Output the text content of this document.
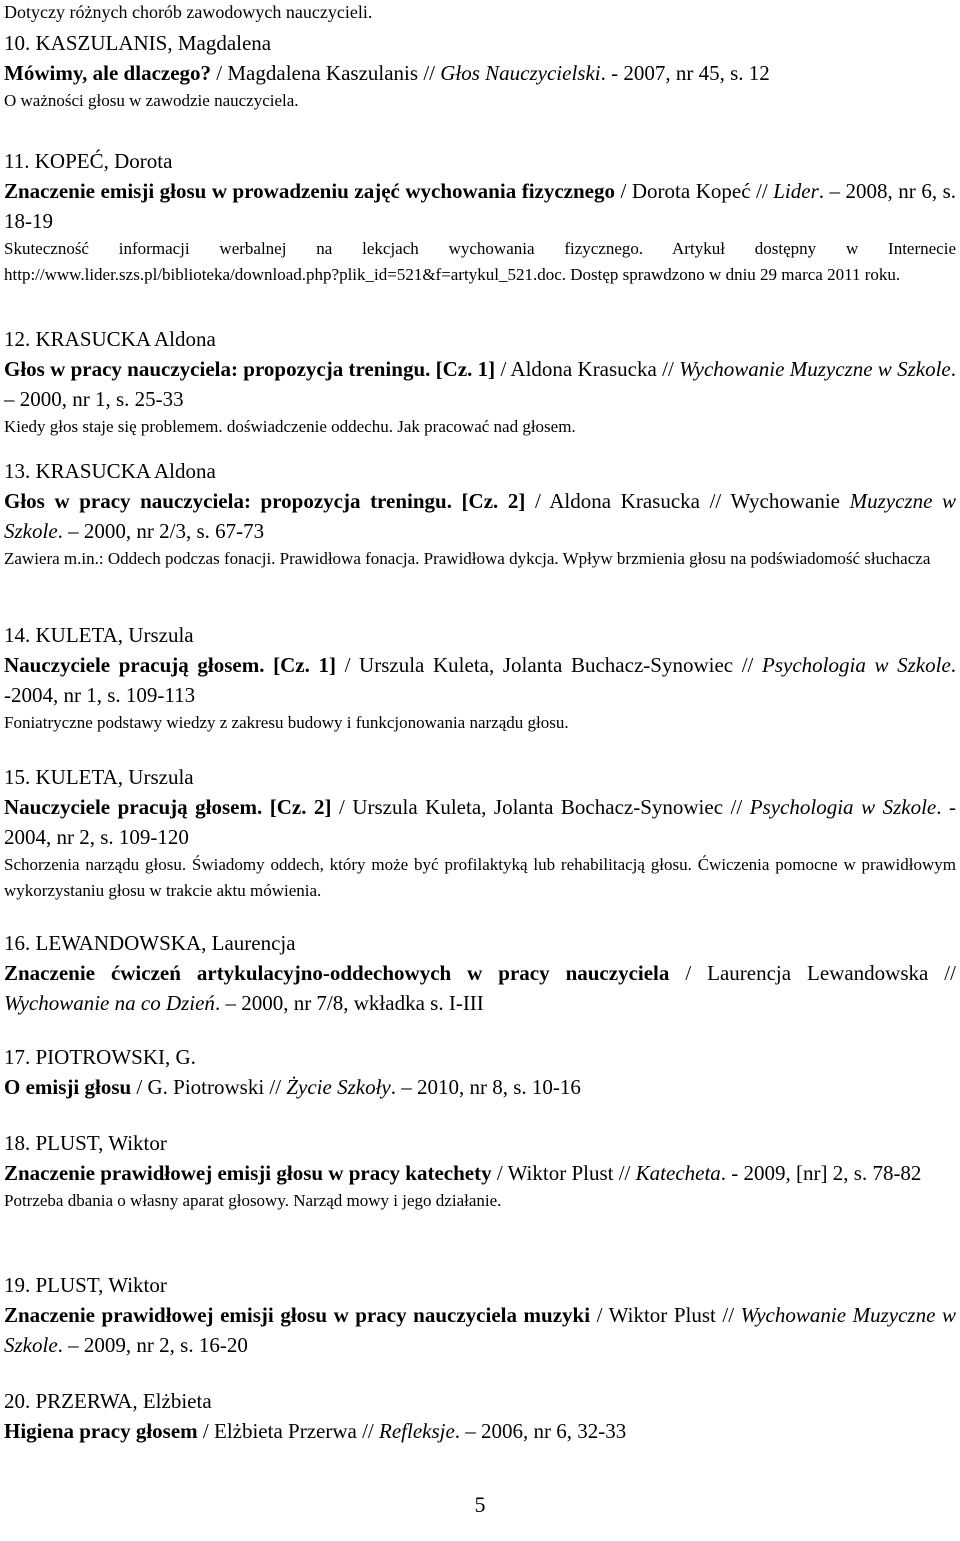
Dotyczy różnych chorób zawodowych nauczycieli.
10. KASZULANIS, Magdalena
Mówimy, ale dlaczego? / Magdalena Kaszulanis // Głos Nauczycielski. - 2007, nr 45, s. 12
O ważności głosu w zawodzie nauczyciela.
11. KOPEĆ, Dorota
Znaczenie emisji głosu w prowadzeniu zajęć wychowania fizycznego / Dorota Kopeć // Lider. – 2008, nr 6, s. 18-19
Skuteczność informacji werbalnej na lekcjach wychowania fizycznego. Artykuł dostępny w Internecie http://www.lider.szs.pl/biblioteka/download.php?plik_id=521&f=artykul_521.doc. Dostęp sprawdzono w dniu 29 marca 2011 roku.
12. KRASUCKA Aldona
Głos w pracy nauczyciela: propozycja treningu. [Cz. 1] / Aldona Krasucka // Wychowanie Muzyczne w Szkole. – 2000, nr 1, s. 25-33
Kiedy głos staje się problemem. doświadczenie oddechu. Jak pracować nad głosem.
13. KRASUCKA Aldona
Głos w pracy nauczyciela: propozycja treningu. [Cz. 2] / Aldona Krasucka // Wychowanie Muzyczne w Szkole. – 2000, nr 2/3, s. 67-73
Zawiera m.in.: Oddech podczas fonacji. Prawidłowa fonacja. Prawidłowa dykcja. Wpływ brzmienia głosu na podświadomość słuchacza
14. KULETA, Urszula
Nauczyciele pracują głosem. [Cz. 1] / Urszula Kuleta, Jolanta Buchacz-Synowiec // Psychologia w Szkole. -2004, nr 1, s. 109-113
Foniatryczne podstawy wiedzy z zakresu budowy i funkcjonowania narządu głosu.
15. KULETA, Urszula
Nauczyciele pracują głosem. [Cz. 2] / Urszula Kuleta, Jolanta Bochacz-Synowiec // Psychologia w Szkole. - 2004, nr 2, s. 109-120
Schorzenia narządu głosu. Świadomy oddech, który może być profilaktyką lub rehabilitacją głosu. Ćwiczenia pomocne w prawidłowym wykorzystaniu głosu w trakcie aktu mówienia.
16. LEWANDOWSKA, Laurencja
Znaczenie ćwiczeń artykulacyjno-oddechowych w pracy nauczyciela / Laurencja Lewandowska // Wychowanie na co Dzień. – 2000, nr 7/8, wkładka s. I-III
17. PIOTROWSKI, G.
O emisji głosu / G. Piotrowski // Życie Szkoły. – 2010, nr 8, s. 10-16
18. PLUST, Wiktor
Znaczenie prawidłowej emisji głosu w pracy katechety / Wiktor Plust // Katecheta. - 2009, [nr] 2, s. 78-82
Potrzeba dbania o własny aparat głosowy. Narząd mowy i jego działanie.
19. PLUST, Wiktor
Znaczenie prawidłowej emisji głosu w pracy nauczyciela muzyki / Wiktor Plust // Wychowanie Muzyczne w Szkole. – 2009, nr 2, s. 16-20
20. PRZERWA, Elżbieta
Higiena pracy głosem / Elżbieta Przerwa // Refleksje. – 2006, nr 6, 32-33
5
